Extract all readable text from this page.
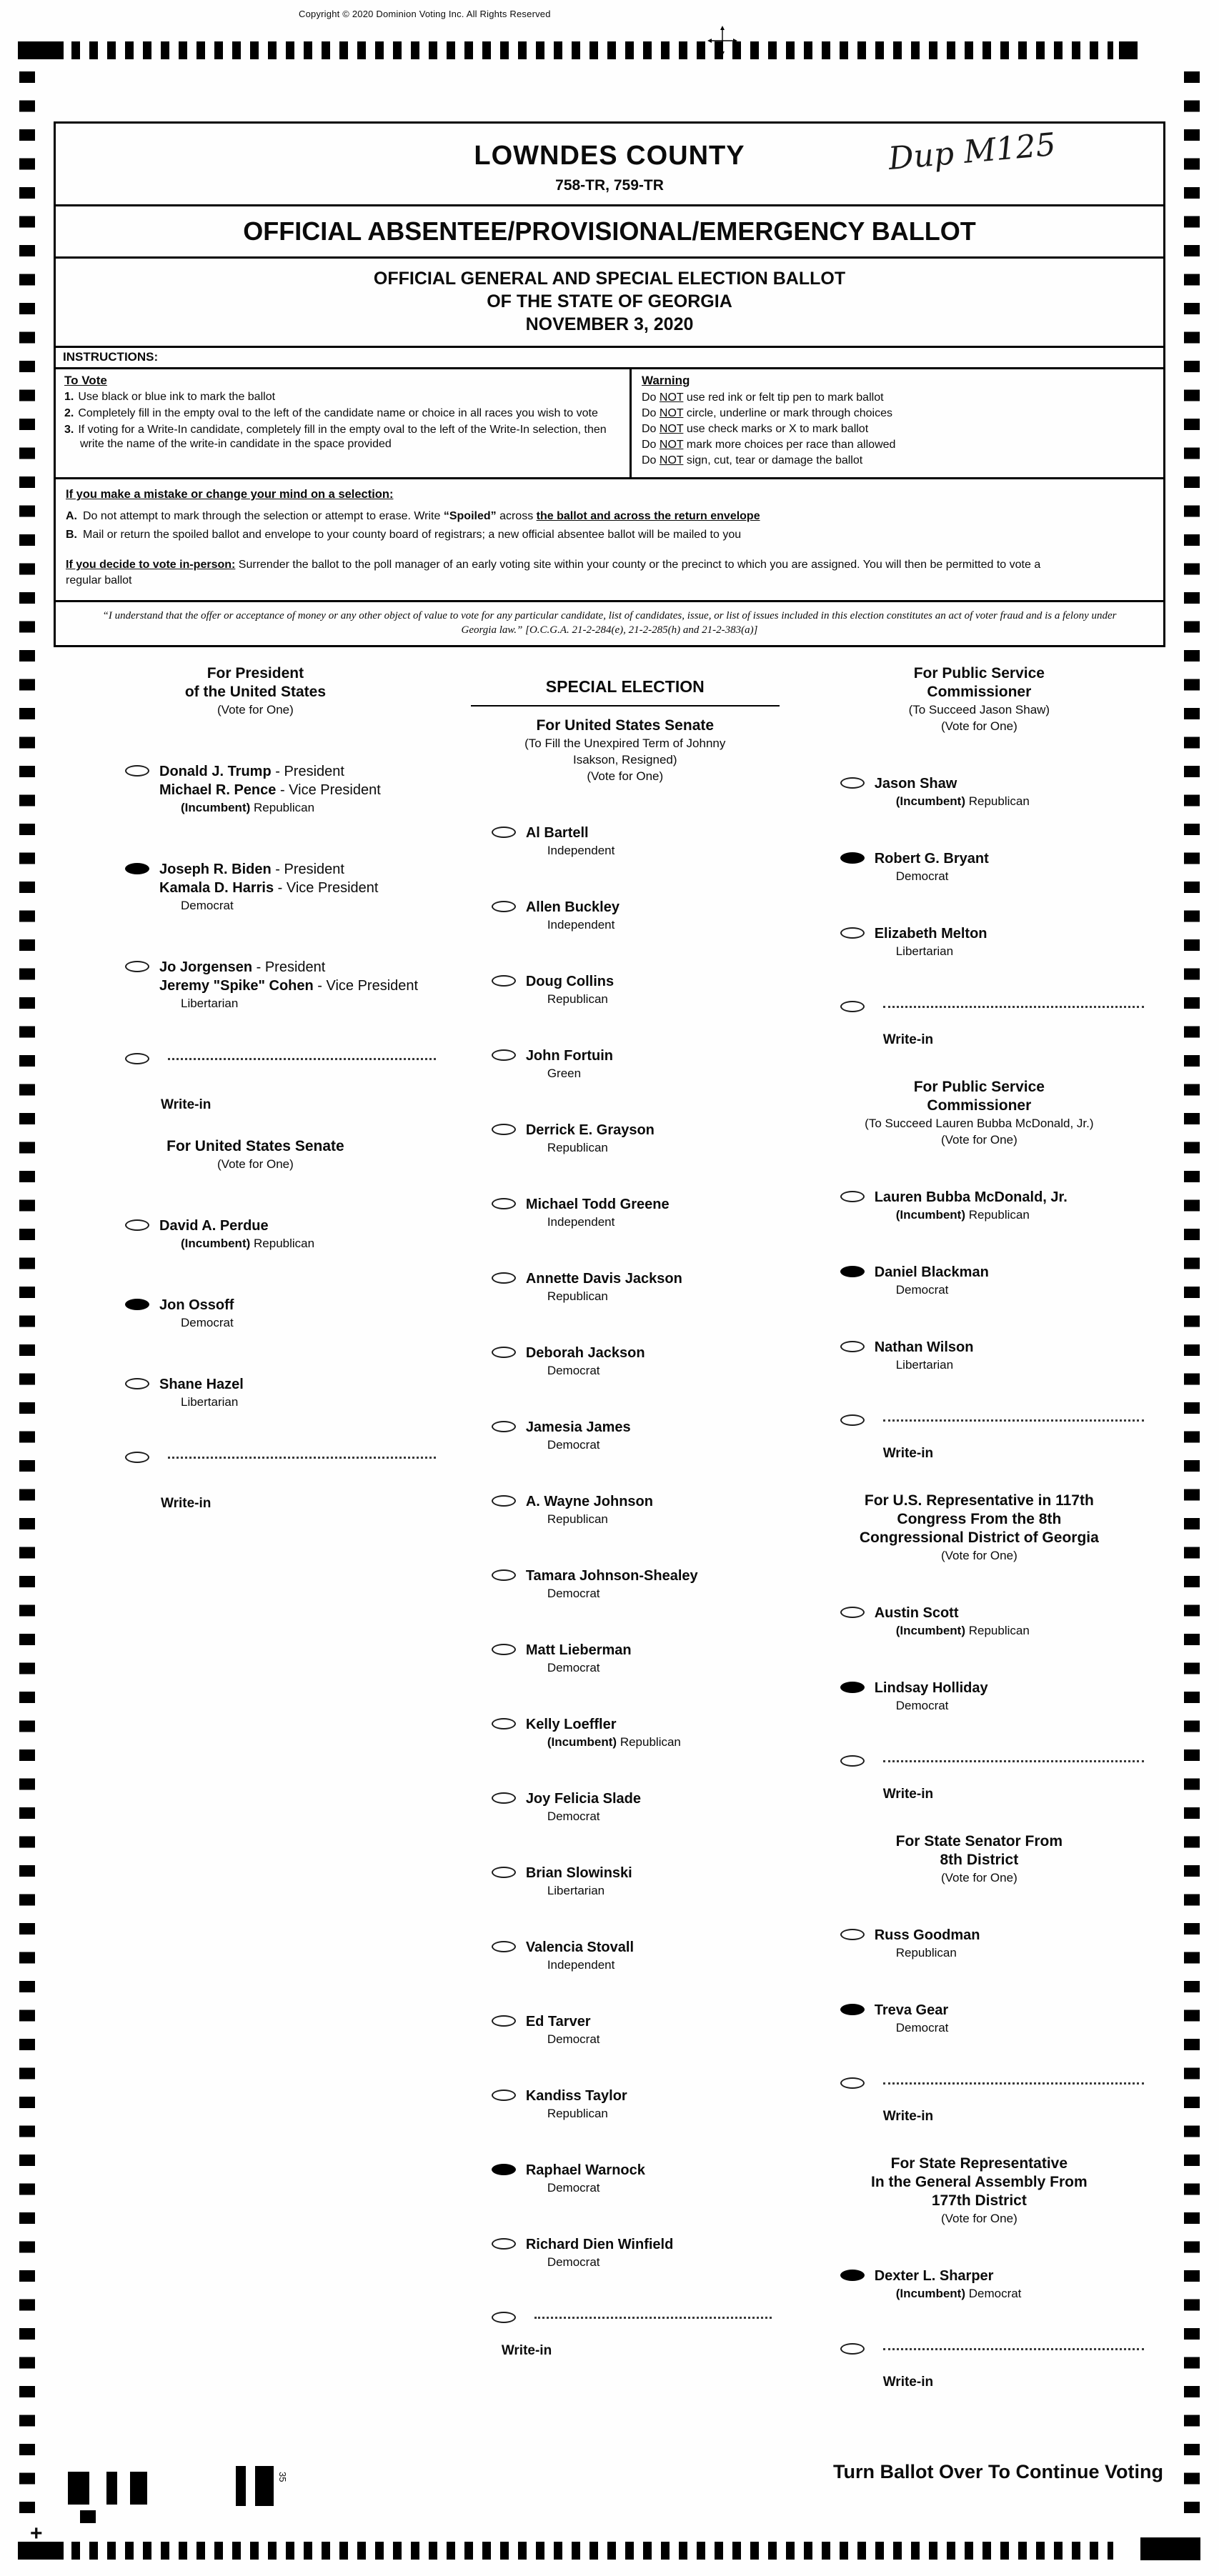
Copyright © 2020 Dominion Voting Inc. All Rights Reserved
LOWNDES COUNTY
758-TR, 759-TR
Dup M125
OFFICIAL ABSENTEE/PROVISIONAL/EMERGENCY BALLOT
OFFICIAL GENERAL AND SPECIAL ELECTION BALLOT
OF THE STATE OF GEORGIA
NOVEMBER 3, 2020
INSTRUCTIONS:
To Vote
1. Use black or blue ink to mark the ballot
2. Completely fill in the empty oval to the left of the candidate name or choice in all races you wish to vote
3. If voting for a Write-In candidate, completely fill in the empty oval to the left of the Write-In selection, then write the name of the write-in candidate in the space provided
Warning
Do NOT use red ink or felt tip pen to mark ballot
Do NOT circle, underline or mark through choices
Do NOT use check marks or X to mark ballot
Do NOT mark more choices per race than allowed
Do NOT sign, cut, tear or damage the ballot
If you make a mistake or change your mind on a selection:
A. Do not attempt to mark through the selection or attempt to erase. Write “Spoiled” across the ballot and across the return envelope
B. Mail or return the spoiled ballot and envelope to your county board of registrars; a new official absentee ballot will be mailed to you
If you decide to vote in-person: Surrender the ballot to the poll manager of an early voting site within your county or the precinct to which you are assigned. You will then be permitted to vote a regular ballot
“I understand that the offer or acceptance of money or any other object of value to vote for any particular candidate, list of candidates, issue, or list of issues included in this election constitutes an act of voter fraud and is a felony under Georgia law.” [O.C.G.A. 21-2-284(e), 21-2-285(h) and 21-2-383(a)]
For President
of the United States
(Vote for One)
Donald J. Trump - President
Michael R. Pence - Vice President
(Incumbent) Republican
Joseph R. Biden - President
Kamala D. Harris - Vice President
Democrat
Jo Jorgensen - President
Jeremy "Spike" Cohen - Vice President
Libertarian
Write-in
For United States Senate
(Vote for One)
David A. Perdue
(Incumbent) Republican
Jon Ossoff
Democrat
Shane Hazel
Libertarian
Write-in
SPECIAL ELECTION
For United States Senate
(To Fill the Unexpired Term of Johnny
Isakson, Resigned)
(Vote for One)
Al Bartell
Independent
Allen Buckley
Independent
Doug Collins
Republican
John Fortuin
Green
Derrick E. Grayson
Republican
Michael Todd Greene
Independent
Annette Davis Jackson
Republican
Deborah Jackson
Democrat
Jamesia James
Democrat
A. Wayne Johnson
Republican
Tamara Johnson-Shealey
Democrat
Matt Lieberman
Democrat
Kelly Loeffler
(Incumbent) Republican
Joy Felicia Slade
Democrat
Brian Slowinski
Libertarian
Valencia Stovall
Independent
Ed Tarver
Democrat
Kandiss Taylor
Republican
Raphael Warnock
Democrat
Richard Dien Winfield
Democrat
Write-in
For Public Service
Commissioner
(To Succeed Jason Shaw)
(Vote for One)
Jason Shaw
(Incumbent) Republican
Robert G. Bryant
Democrat
Elizabeth Melton
Libertarian
Write-in
For Public Service
Commissioner
(To Succeed Lauren Bubba McDonald, Jr.)
(Vote for One)
Lauren Bubba McDonald, Jr.
(Incumbent) Republican
Daniel Blackman
Democrat
Nathan Wilson
Libertarian
Write-in
For U.S. Representative in 117th
Congress From the 8th
Congressional District of Georgia
(Vote for One)
Austin Scott
(Incumbent) Republican
Lindsay Holliday
Democrat
Write-in
For State Senator From
8th District
(Vote for One)
Russ Goodman
Republican
Treva Gear
Democrat
Write-in
For State Representative
In the General Assembly From
177th District
(Vote for One)
Dexter L. Sharper
(Incumbent) Democrat
Write-in
Turn Ballot Over To Continue Voting
35
+
